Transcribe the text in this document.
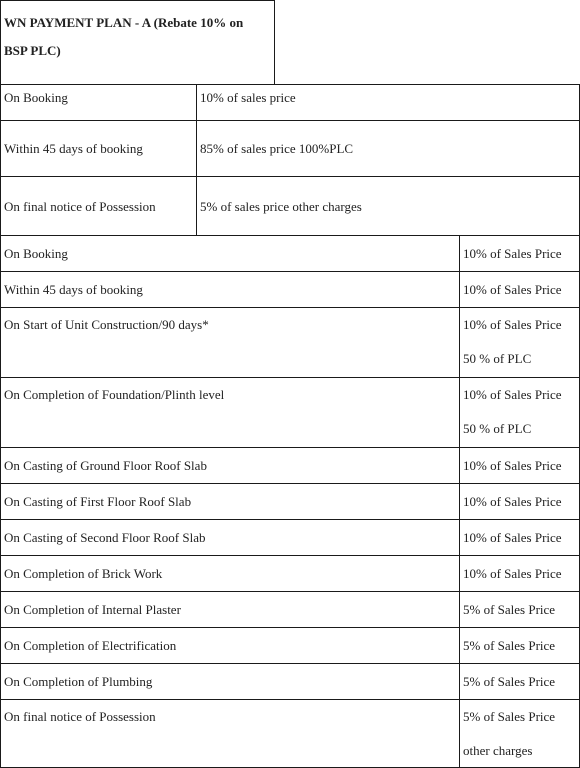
WN PAYMENT PLAN - A (Rebate 10% on BSP PLC)
On Booking	10% of sales price
Within 45 days of booking	85% of sales price 100%PLC
On final notice of Possession	5% of sales price other charges
On Booking	10% of Sales Price
Within 45 days of booking	10% of Sales Price
On Start of Unit Construction/90 days*	10% of Sales Price
50 % of PLC
On Completion of Foundation/Plinth level	10% of Sales Price
50 % of PLC
On Casting of Ground Floor Roof Slab	10% of Sales Price
On Casting of First Floor Roof Slab	10% of Sales Price
On Casting of Second Floor Roof Slab	10% of Sales Price
On Completion of Brick Work	10% of Sales Price
On Completion of Internal Plaster	5% of Sales Price
On Completion of Electrification	5% of Sales Price
On Completion of Plumbing	5% of Sales Price
On final notice of Possession	5% of Sales Price
other charges
